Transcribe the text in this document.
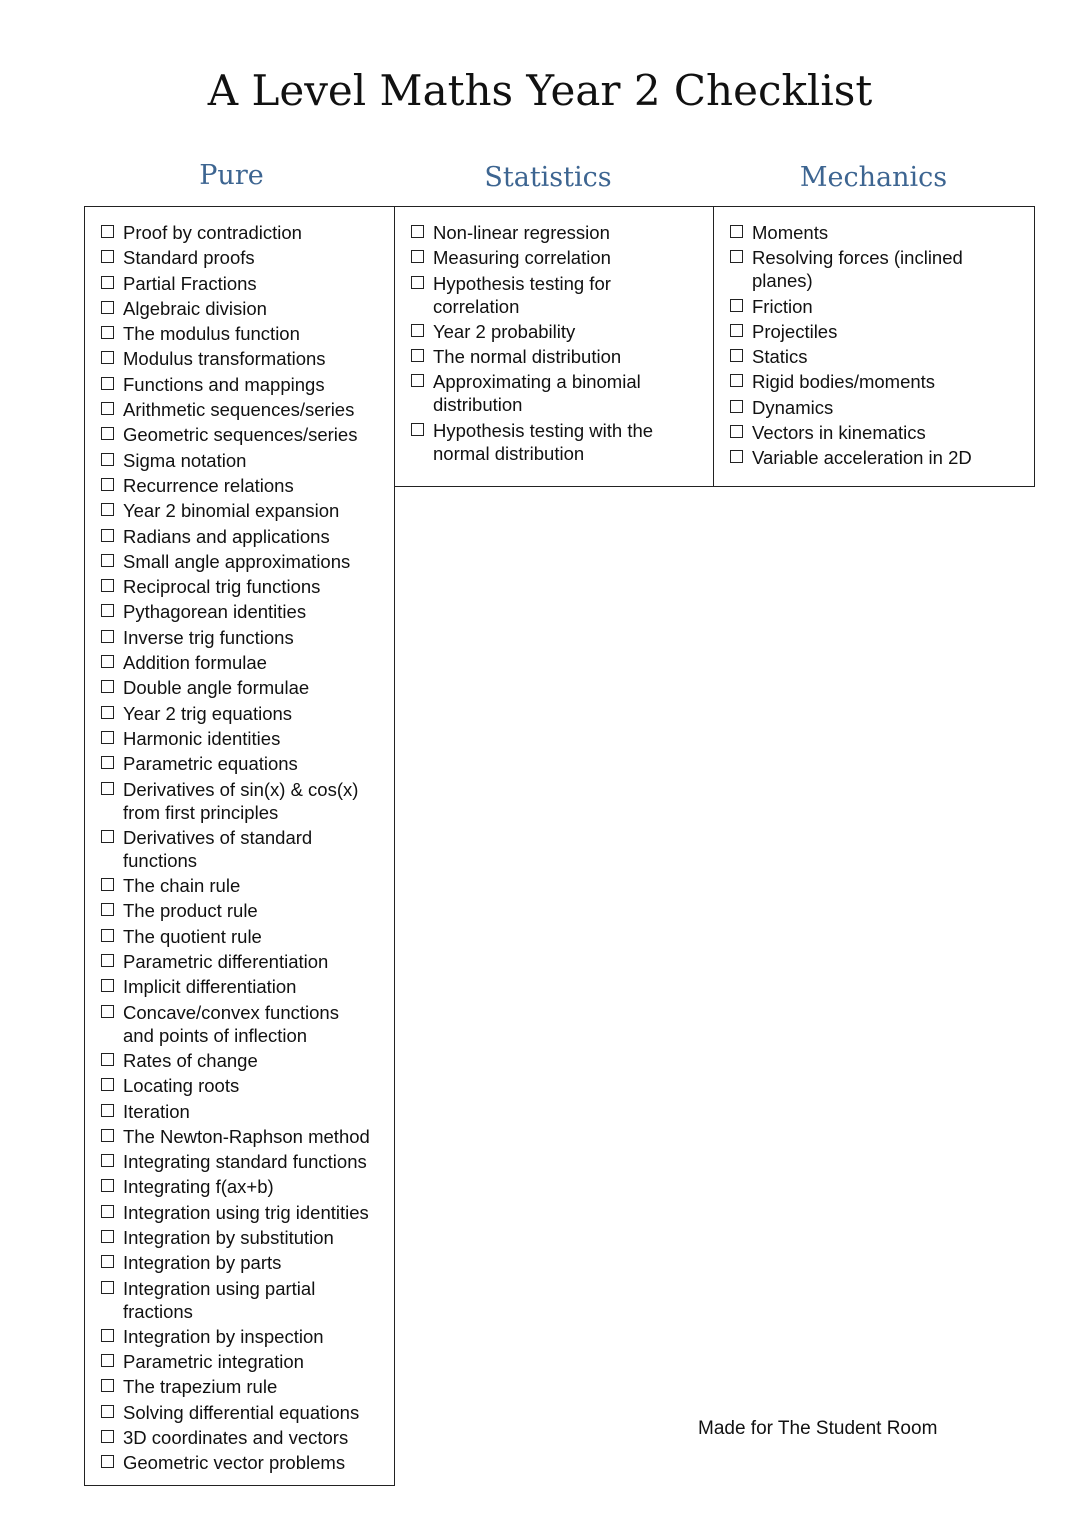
A Level Maths Year 2 Checklist
Pure	Statistics	Mechanics
Proof by contradiction
Standard proofs
Partial Fractions
Algebraic division
The modulus function
Modulus transformations
Functions and mappings
Arithmetic sequences/series
Geometric sequences/series
Sigma notation
Recurrence relations
Year 2 binomial expansion
Radians and applications
Small angle approximations
Reciprocal trig functions
Pythagorean identities
Inverse trig functions
Addition formulae
Double angle formulae
Year 2 trig equations
Harmonic identities
Parametric equations
Derivatives of sin(x) & cos(x)
from first principles
Derivatives of standard
functions
The chain rule
The product rule
The quotient rule
Parametric differentiation
Implicit differentiation
Concave/convex functions
and points of inflection
Rates of change
Locating roots
Iteration
The Newton-Raphson method
Integrating standard functions
Integrating f(ax+b)
Integration using trig identities
Integration by substitution
Integration by parts
Integration using partial
fractions
Integration by inspection
Parametric integration
The trapezium rule
Solving differential equations
3D coordinates and vectors
Geometric vector problems
Non-linear regression
Measuring correlation
Hypothesis testing for
correlation
Year 2 probability
The normal distribution
Approximating a binomial
distribution
Hypothesis testing with the
normal distribution
Moments
Resolving forces (inclined
planes)
Friction
Projectiles
Statics
Rigid bodies/moments
Dynamics
Vectors in kinematics
Variable acceleration in 2D
Made for The Student Room
